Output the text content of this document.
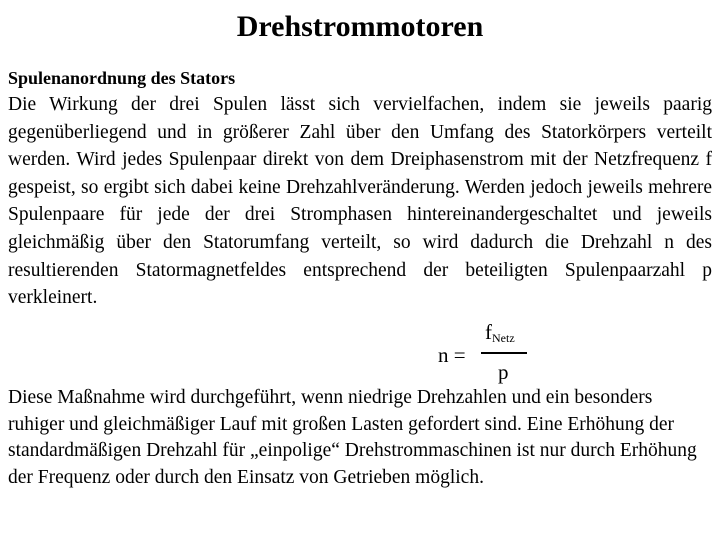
Drehstrommotoren
Spulenanordnung des Stators
Die Wirkung der drei Spulen lässt sich vervielfachen, indem sie jeweils paarig gegenüberliegend und in größerer Zahl über den Umfang des Statorkörpers verteilt werden. Wird jedes Spulenpaar direkt von dem Dreiphasenstrom mit der Netzfrequenz f gespeist, so ergibt sich dabei keine Drehzahlveränderung. Werden jedoch jeweils mehrere Spulenpaare für jede der drei Stromphasen hintereinandergeschaltet und jeweils gleichmäßig über den Statorumfang verteilt, so wird dadurch die Drehzahl n des resultierenden Statormagnetfeldes entsprechend der beteiligten Spulenpaarzahl p verkleinert.
n =
$f_{Netz}$
p
Diese Maßnahme wird durchgeführt, wenn niedrige Drehzahlen und ein besonders ruhiger und gleichmäßiger Lauf mit großen Lasten gefordert sind. Eine Erhöhung der standardmäßigen Drehzahl für „einpolige“ Drehstrommaschinen ist nur durch Erhöhung der Frequenz oder durch den Einsatz von Getrieben möglich.
